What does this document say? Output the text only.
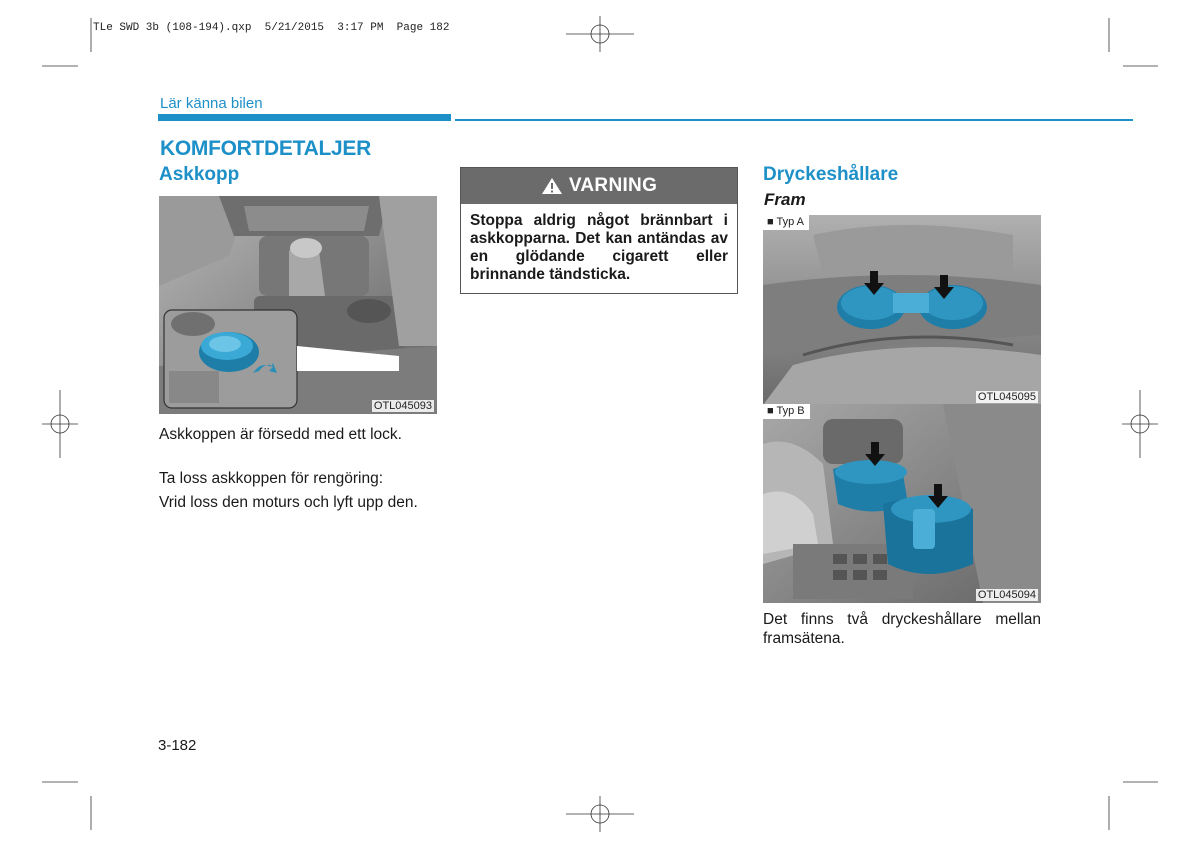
TLe SWD 3b (108-194).qxp  5/21/2015  3:17 PM  Page 182
Lär känna bilen
KOMFORTDETALJER
Askkopp
OTL045093
Askkoppen är försedd med ett lock.
Ta loss askkoppen för rengöring:
Vrid loss den moturs och lyft upp den.
VARNING
Stoppa aldrig något brännbart i askkopparna. Det kan antändas av en glödande cigarett eller brinnande tändsticka.
Dryckeshållare
Fram
■ Typ A
OTL045095
■ Typ B
OTL045094
Det finns två dryckeshållare mellan framsätena.
3-182
